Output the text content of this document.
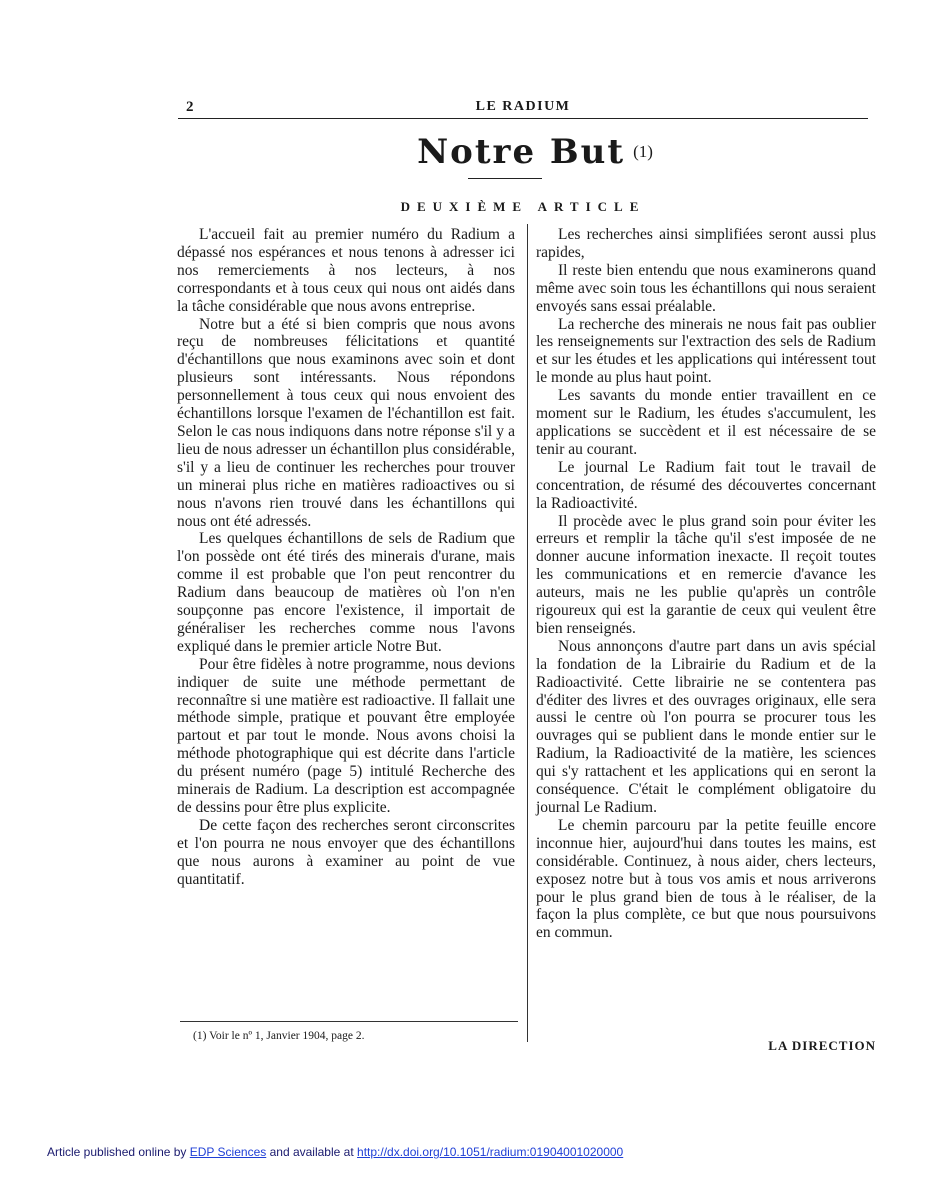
2	LE RADIUM
Notre But (1)
DEUXIÈME ARTICLE

L'accueil fait au premier numéro du Radium a dépassé nos espérances et nous tenons à adresser ici nos remerciements à nos lecteurs, à nos correspondants et à tous ceux qui nous ont aidés dans la tâche considérable que nous avons entreprise.

Notre but a été si bien compris que nous avons reçu de nombreuses félicitations et quantité d'échantillons que nous examinons avec soin et dont plusieurs sont intéressants. Nous répondons personnellement à tous ceux qui nous envoient des échantillons lorsque l'examen de l'échantillon est fait. Selon le cas nous indiquons dans notre réponse s'il y a lieu de nous adresser un échantillon plus considérable, s'il y a lieu de continuer les recherches pour trouver un minerai plus riche en matières radioactives ou si nous n'avons rien trouvé dans les échantillons qui nous ont été adressés.

Les quelques échantillons de sels de Radium que l'on possède ont été tirés des minerais d'urane, mais comme il est probable que l'on peut rencontrer du Radium dans beaucoup de matières où l'on n'en soupçonne pas encore l'existence, il importait de généraliser les recherches comme nous l'avons expliqué dans le premier article Notre But.

Pour être fidèles à notre programme, nous devions indiquer de suite une méthode permettant de reconnaître si une matière est radioactive. Il fallait une méthode simple, pratique et pouvant être employée partout et par tout le monde. Nous avons choisi la méthode photographique qui est décrite dans l'article du présent numéro (page 5) intitulé Recherche des minerais de Radium. La description est accompagnée de dessins pour être plus explicite.

De cette façon des recherches seront circonscrites et l'on pourra ne nous envoyer que des échantillons que nous aurons à examiner au point de vue quantitatif.

Les recherches ainsi simplifiées seront aussi plus rapides,

Il reste bien entendu que nous examinerons quand même avec soin tous les échantillons qui nous seraient envoyés sans essai préalable.

La recherche des minerais ne nous fait pas oublier les renseignements sur l'extraction des sels de Radium et sur les études et les applications qui intéressent tout le monde au plus haut point.

Les savants du monde entier travaillent en ce moment sur le Radium, les études s'accumulent, les applications se succèdent et il est nécessaire de se tenir au courant.

Le journal Le Radium fait tout le travail de concentration, de résumé des découvertes concernant la Radioactivité.

Il procède avec le plus grand soin pour éviter les erreurs et remplir la tâche qu'il s'est imposée de ne donner aucune information inexacte. Il reçoit toutes les communications et en remercie d'avance les auteurs, mais ne les publie qu'après un contrôle rigoureux qui est la garantie de ceux qui veulent être bien renseignés.

Nous annonçons d'autre part dans un avis spécial la fondation de la Librairie du Radium et de la Radioactivité. Cette librairie ne se contentera pas d'éditer des livres et des ouvrages originaux, elle sera aussi le centre où l'on pourra se procurer tous les ouvrages qui se publient dans le monde entier sur le Radium, la Radioactivité de la matière, les sciences qui s'y rattachent et les applications qui en seront la conséquence. C'était le complément obligatoire du journal Le Radium.

Le chemin parcouru par la petite feuille encore inconnue hier, aujourd'hui dans toutes les mains, est considérable. Continuez, à nous aider, chers lecteurs, exposez notre but à tous vos amis et nous arriverons pour le plus grand bien de tous à le réaliser, de la façon la plus complète, ce but que nous poursuivons en commun.

(1) Voir le nº 1, Janvier 1904, page 2.
LA DIRECTION
Article published online by EDP Sciences and available at http://dx.doi.org/10.1051/radium:01904001020000
